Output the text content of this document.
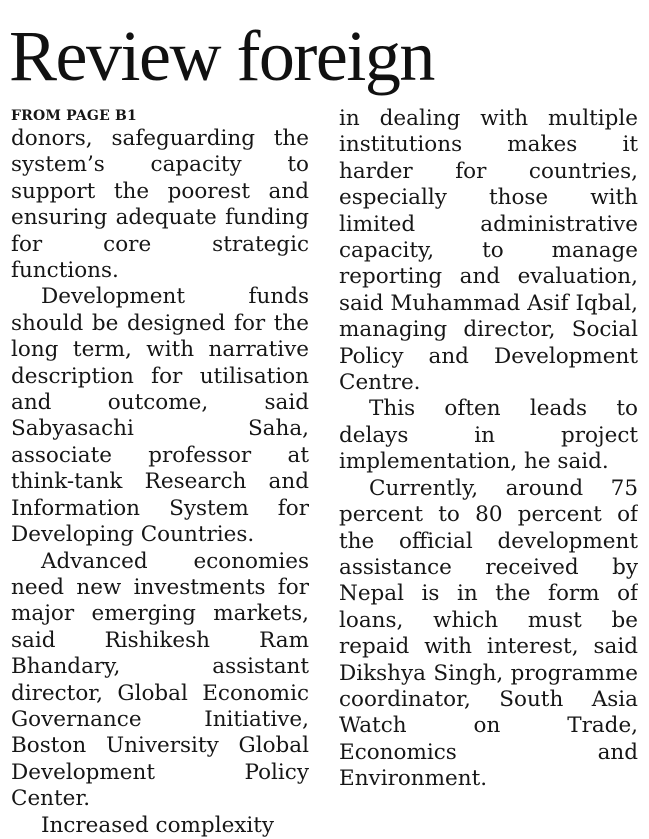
Review foreign
FROM PAGE B1

donors, safeguarding the system’s capacity to support the poorest and ensuring adequate funding for core strategic functions.

Development funds should be designed for the long term, with narrative description for utilisation and outcome, said Sabyasachi Saha, associate professor at think-tank Research and Information System for Developing Countries.

Advanced economies need new investments for major emerging markets, said Rishikesh Ram Bhandary, assistant director, Global Economic Governance Initiative, Boston University Global Development Policy Center.

Increased complexity

in dealing with multiple institutions makes it harder for countries, especially those with limited administrative capacity, to manage reporting and evaluation, said Muhammad Asif Iqbal, managing director, Social Policy and Development Centre.

This often leads to delays in project implementation, he said.

Currently, around 75 percent to 80 percent of the official development assistance received by Nepal is in the form of loans, which must be repaid with interest, said Dikshya Singh, programme coordinator, South Asia Watch on Trade, Economics and Environment.
